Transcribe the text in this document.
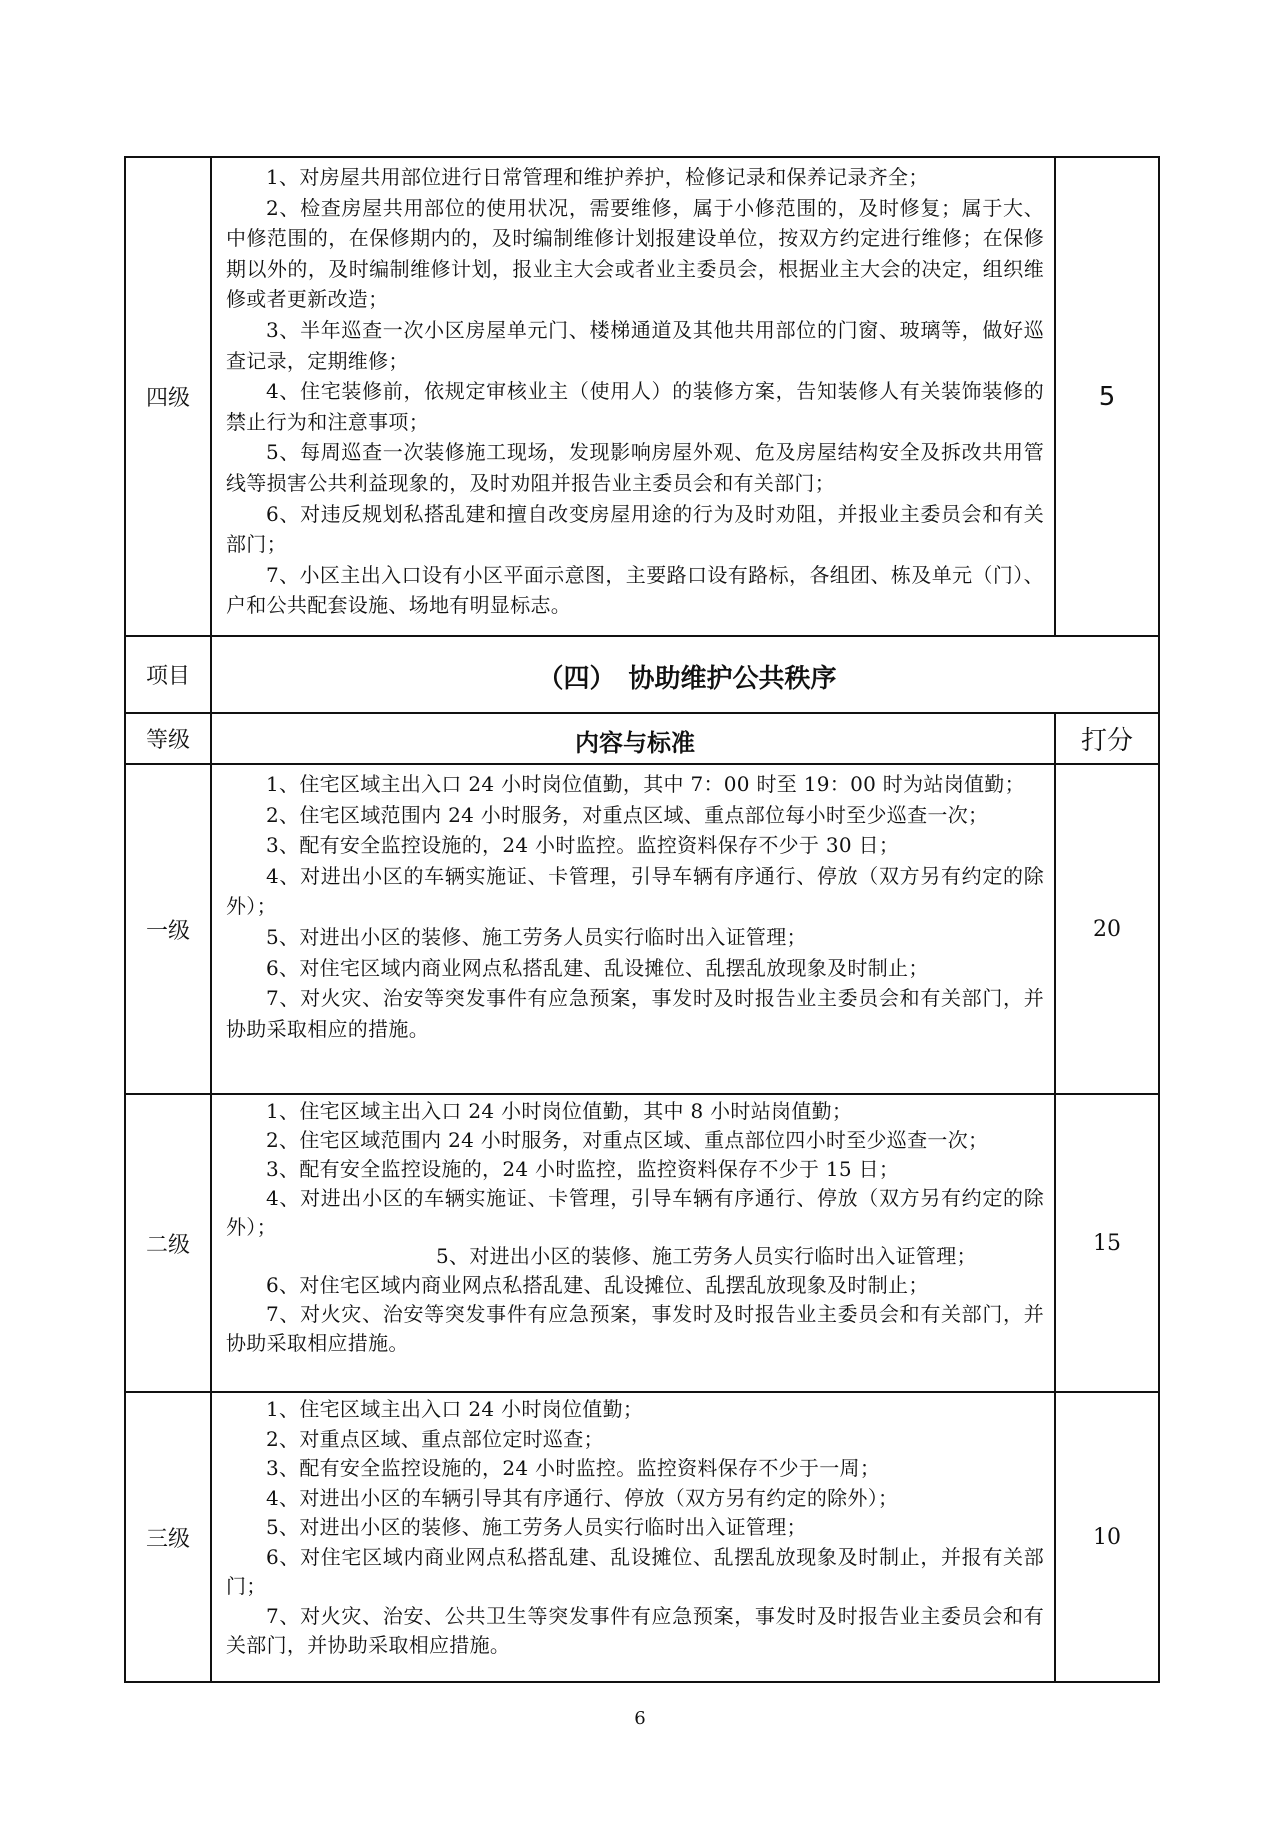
四级

1、对房屋共用部位进行日常管理和维护养护，检修记录和保养记录齐全；

2、检查房屋共用部位的使用状况，需要维修，属于小修范围的，及时修复；属于大、中修范围的，在保修期内的，及时编制维修计划报建设单位，按双方约定进行维修；在保修期以外的，及时编制维修计划，报业主大会或者业主委员会，根据业主大会的决定，组织维修或者更新改造；

3、半年巡查一次小区房屋单元门、楼梯通道及其他共用部位的门窗、玻璃等，做好巡查记录，定期维修；

4、住宅装修前，依规定审核业主（使用人）的装修方案，告知装修人有关装饰装修的禁止行为和注意事项；

5、每周巡查一次装修施工现场，发现影响房屋外观、危及房屋结构安全及拆改共用管线等损害公共利益现象的，及时劝阻并报告业主委员会和有关部门；

6、对违反规划私搭乱建和擅自改变房屋用途的行为及时劝阻，并报业主委员会和有关部门；

7、小区主出入口设有小区平面示意图，主要路口设有路标，各组团、栋及单元（门）、户和公共配套设施、场地有明显标志。

5
项目	（四）　协助维护公共秩序
等级	内容与标准	打分
一级

1、住宅区域主出入口 24 小时岗位值勤，其中 7：00 时至 19：00 时为站岗值勤；

2、住宅区域范围内 24 小时服务，对重点区域、重点部位每小时至少巡查一次；

3、配有安全监控设施的，24 小时监控。监控资料保存不少于 30 日；

4、对进出小区的车辆实施证、卡管理，引导车辆有序通行、停放（双方另有约定的除外）；

5、对进出小区的装修、施工劳务人员实行临时出入证管理；

6、对住宅区域内商业网点私搭乱建、乱设摊位、乱摆乱放现象及时制止；

7、对火灾、治安等突发事件有应急预案，事发时及时报告业主委员会和有关部门，并协助采取相应的措施。

20
二级

1、住宅区域主出入口 24 小时岗位值勤，其中 8 小时站岗值勤；

2、住宅区域范围内 24 小时服务，对重点区域、重点部位四小时至少巡查一次；

3、配有安全监控设施的，24 小时监控，监控资料保存不少于 15 日；

4、对进出小区的车辆实施证、卡管理，引导车辆有序通行、停放（双方另有约定的除外）；

5、对进出小区的装修、施工劳务人员实行临时出入证管理；

6、对住宅区域内商业网点私搭乱建、乱设摊位、乱摆乱放现象及时制止；

7、对火灾、治安等突发事件有应急预案，事发时及时报告业主委员会和有关部门，并协助采取相应措施。

15
三级

1、住宅区域主出入口 24 小时岗位值勤；

2、对重点区域、重点部位定时巡查；

3、配有安全监控设施的，24 小时监控。监控资料保存不少于一周；

4、对进出小区的车辆引导其有序通行、停放（双方另有约定的除外）；

5、对进出小区的装修、施工劳务人员实行临时出入证管理；

6、对住宅区域内商业网点私搭乱建、乱设摊位、乱摆乱放现象及时制止，并报有关部门；

7、对火灾、治安、公共卫生等突发事件有应急预案，事发时及时报告业主委员会和有关部门，并协助采取相应措施。

10
6
